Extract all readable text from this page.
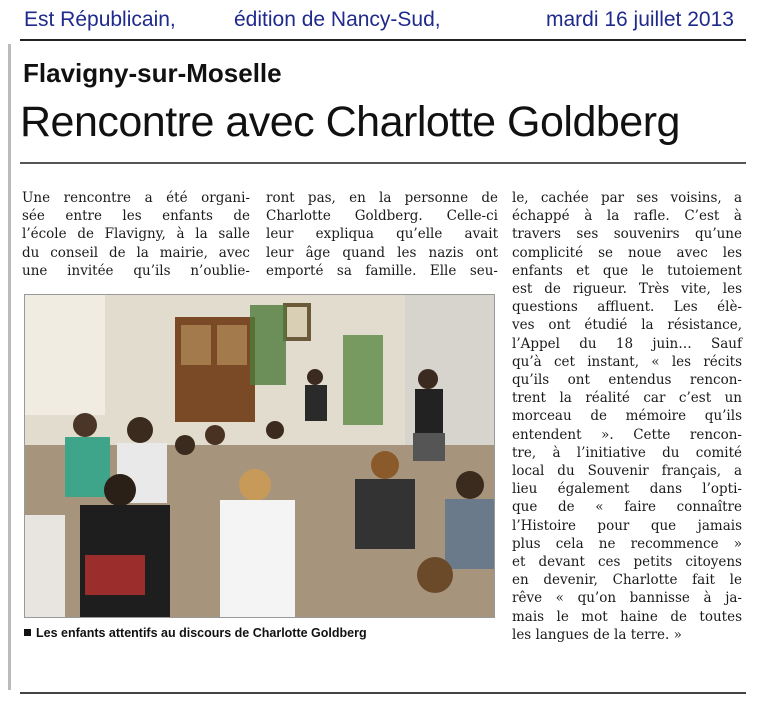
Est Républicain,	édition de Nancy-Sud,	mardi 16 juillet 2013
Flavigny-sur-Moselle
Rencontre avec Charlotte Goldberg
Une rencontre a été organi-
sée entre les enfants de
l’école de Flavigny, à la salle
du conseil de la mairie, avec
une invitée qu’ils n’oublie-
ront pas, en la personne de
Charlotte Goldberg. Celle-ci
leur expliqua qu’elle avait
leur âge quand les nazis ont
emporté sa famille. Elle seu-
le, cachée par ses voisins, a
échappé à la rafle. C’est à
travers ses souvenirs qu’une
complicité se noue avec les
enfants et que le tutoiement
est de rigueur. Très vite, les
questions affluent. Les élè-
ves ont étudié la résistance,
l’Appel du 18 juin… Sauf
qu’à cet instant, « les récits
qu’ils ont entendus rencon-
trent la réalité car c’est un
morceau de mémoire qu’ils
entendent ». Cette rencon-
tre, à l’initiative du comité
local du Souvenir français, a
lieu également dans l’opti-
que de « faire connaître
l’Histoire pour que jamais
plus cela ne recommence »
et devant ces petits citoyens
en devenir, Charlotte fait le
rêve « qu’on bannisse à ja-
mais le mot haine de toutes
les langues de la terre. »
Les enfants attentifs au discours de Charlotte Goldberg
